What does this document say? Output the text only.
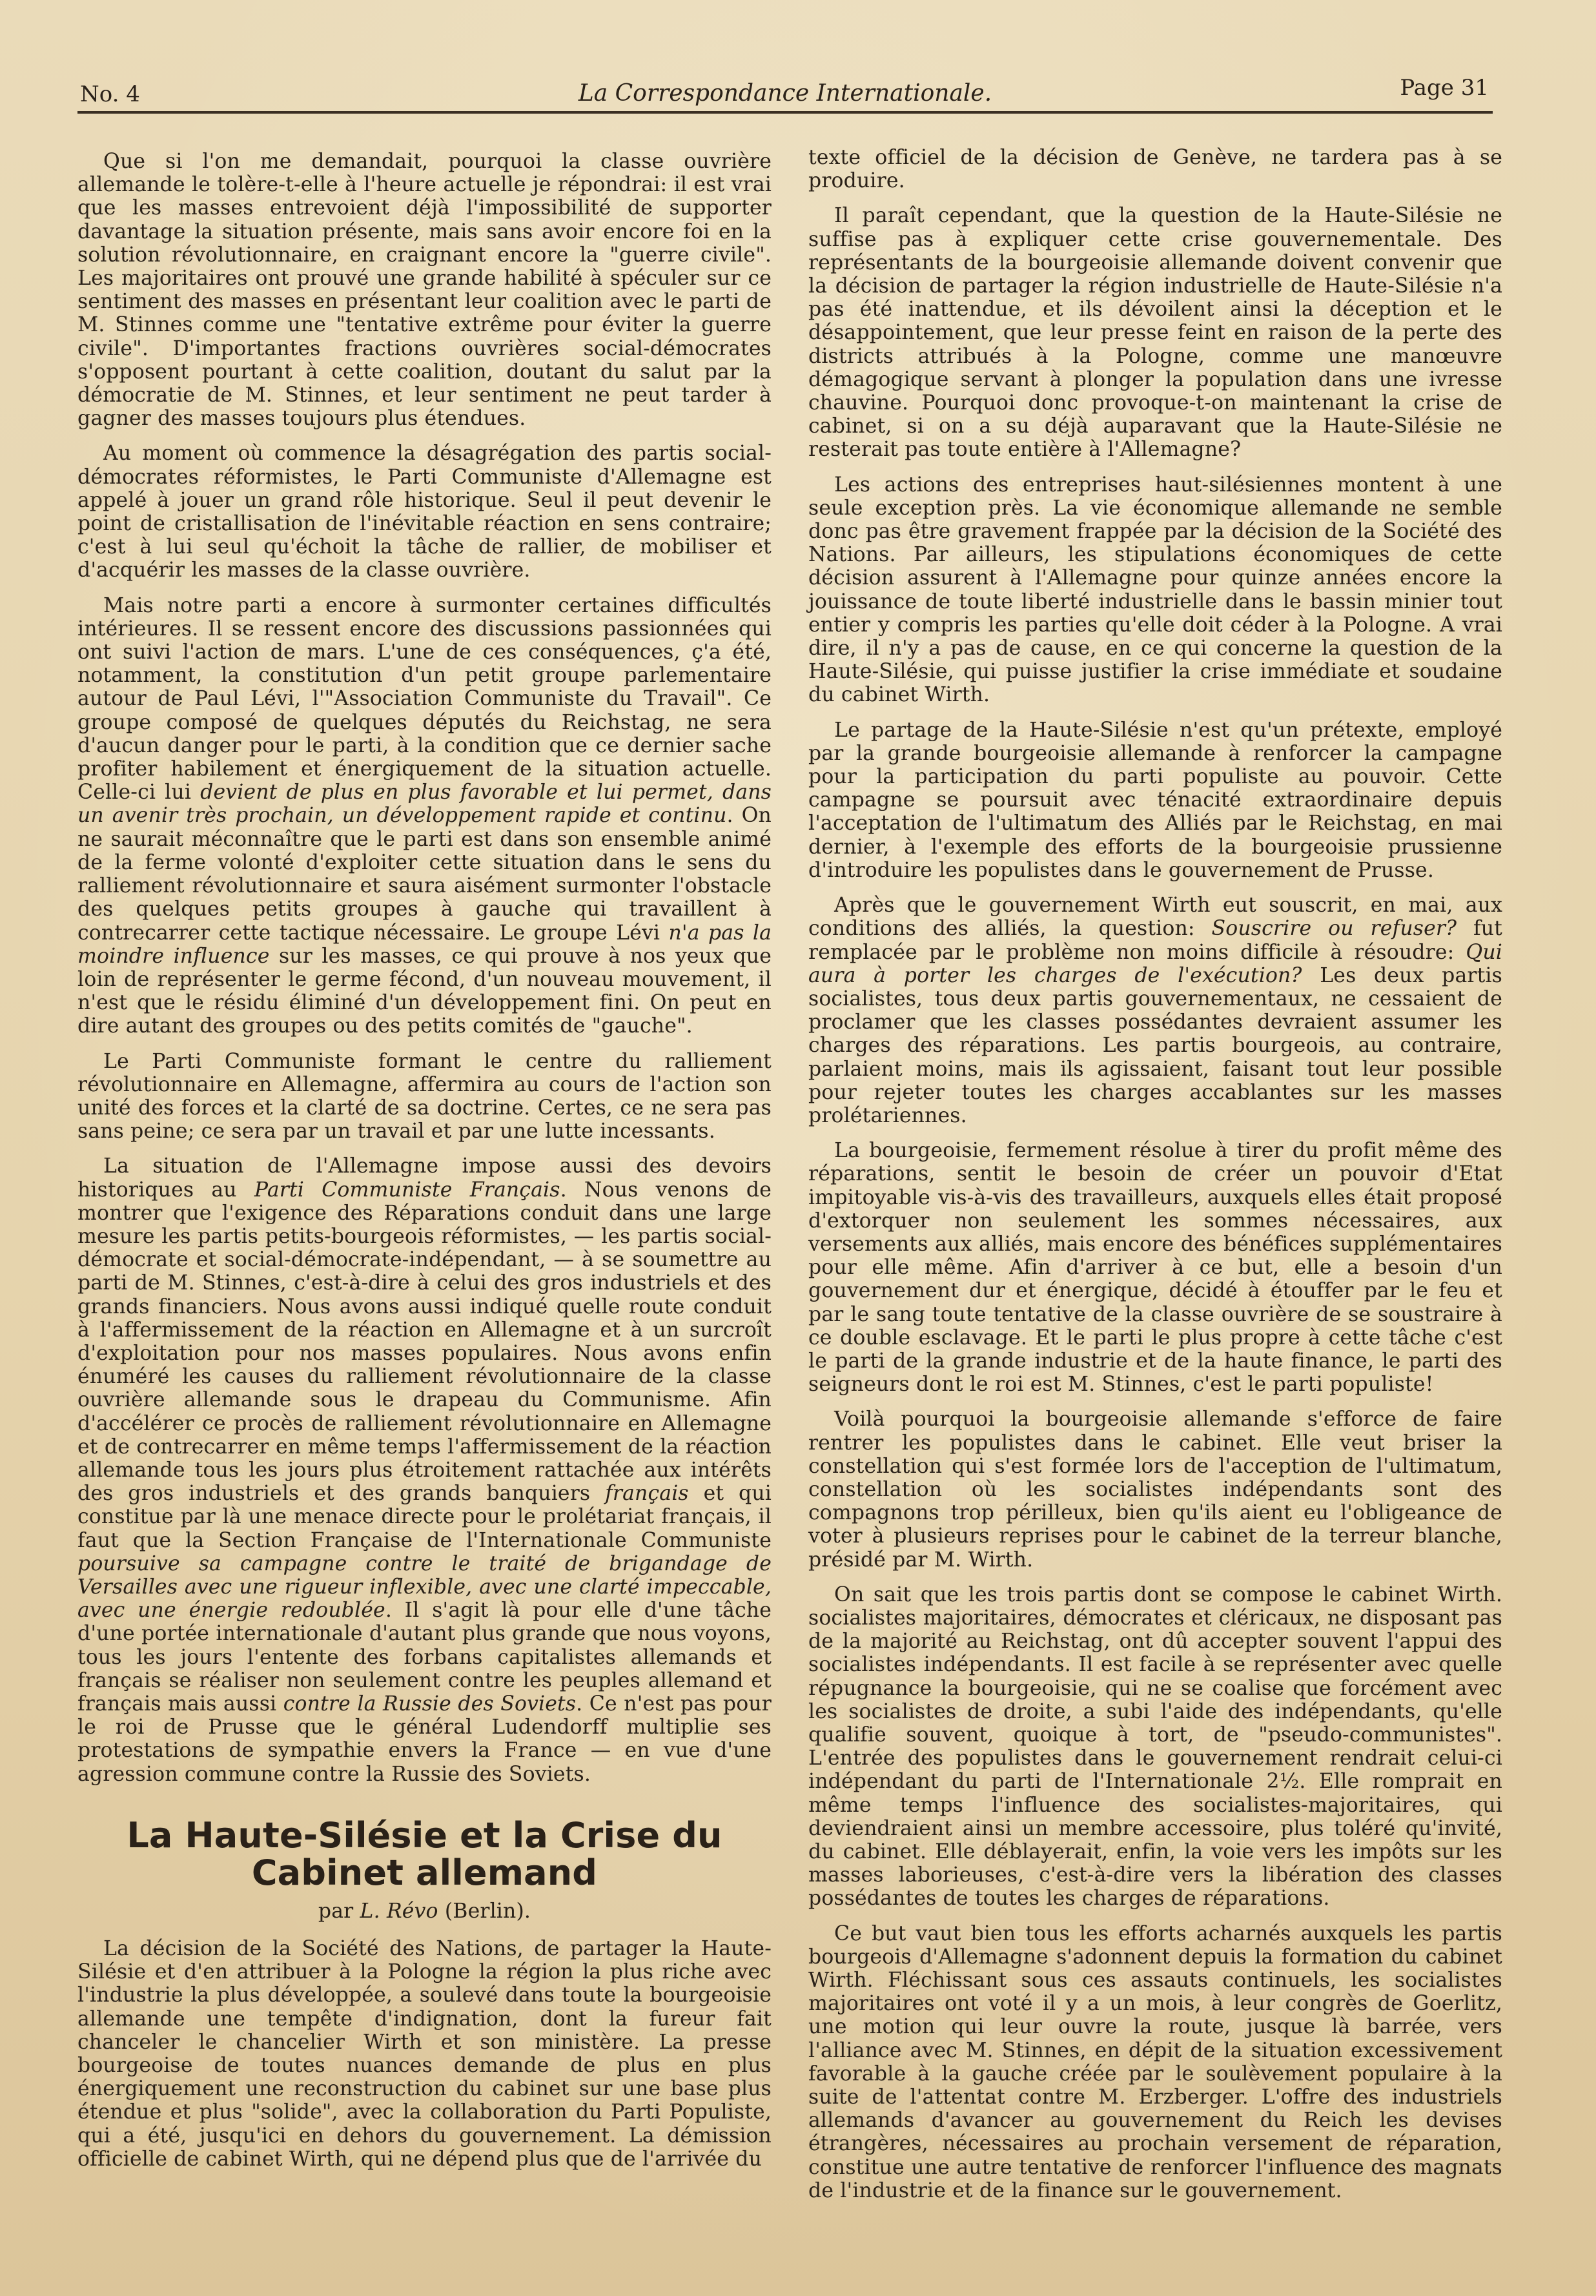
No. 4	La Correspondance Internationale.	Page 31

Que si l'on me demandait, pourquoi la classe ouvrière allemande le tolère-t-elle à l'heure actuelle je répondrai: il est vrai que les masses entrevoient déjà l'impossibilité de supporter davantage la situation présente, mais sans avoir encore foi en la solution révolutionnaire, en craignant encore la "guerre civile". Les majoritaires ont prouvé une grande habilité à spéculer sur ce sentiment des masses en présentant leur coalition avec le parti de M. Stinnes comme une "tentative extrême pour éviter la guerre civile". D'importantes fractions ouvrières social-démocrates s'opposent pourtant à cette coalition, doutant du salut par la démocratie de M. Stinnes, et leur sentiment ne peut tarder à gagner des masses toujours plus étendues.

Au moment où commence la désagrégation des partis social-démocrates réformistes, le Parti Communiste d'Allemagne est appelé à jouer un grand rôle historique. Seul il peut devenir le point de cristallisation de l'inévitable réaction en sens contraire; c'est à lui seul qu'échoit la tâche de rallier, de mobiliser et d'acquérir les masses de la classe ouvrière.

Mais notre parti a encore à surmonter certaines difficultés intérieures. Il se ressent encore des discussions passionnées qui ont suivi l'action de mars. L'une de ces conséquences, ç'a été, notamment, la constitution d'un petit groupe parlementaire autour de Paul Lévi, l'"Association Communiste du Travail". Ce groupe composé de quelques députés du Reichstag, ne sera d'aucun danger pour le parti, à la condition que ce dernier sache profiter habilement et énergiquement de la situation actuelle. Celle-ci lui devient de plus en plus favorable et lui permet, dans un avenir très prochain, un développement rapide et continu. On ne saurait méconnaître que le parti est dans son ensemble animé de la ferme volonté d'exploiter cette situation dans le sens du ralliement révolutionnaire et saura aisément surmonter l'obstacle des quelques petits groupes à gauche qui travaillent à contrecarrer cette tactique nécessaire. Le groupe Lévi n'a pas la moindre influence sur les masses, ce qui prouve à nos yeux que loin de représenter le germe fécond, d'un nouveau mouvement, il n'est que le résidu éliminé d'un développement fini. On peut en dire autant des groupes ou des petits comités de "gauche".

Le Parti Communiste formant le centre du ralliement révolutionnaire en Allemagne, affermira au cours de l'action son unité des forces et la clarté de sa doctrine. Certes, ce ne sera pas sans peine; ce sera par un travail et par une lutte incessants.

La situation de l'Allemagne impose aussi des devoirs historiques au Parti Communiste Français. Nous venons de montrer que l'exigence des Réparations conduit dans une large mesure les partis petits-bourgeois réformistes, — les partis social-démocrate et social-démocrate-indépendant, — à se soumettre au parti de M. Stinnes, c'est-à-dire à celui des gros industriels et des grands financiers. Nous avons aussi indiqué quelle route conduit à l'affermissement de la réaction en Allemagne et à un surcroît d'exploitation pour nos masses populaires. Nous avons enfin énuméré les causes du ralliement révolutionnaire de la classe ouvrière allemande sous le drapeau du Communisme. Afin d'accélérer ce procès de ralliement révolutionnaire en Allemagne et de contrecarrer en même temps l'affermissement de la réaction allemande tous les jours plus étroitement rattachée aux intérêts des gros industriels et des grands banquiers français et qui constitue par là une menace directe pour le prolétariat français, il faut que la Section Française de l'Internationale Communiste poursuive sa campagne contre le traité de brigandage de Versailles avec une rigueur inflexible, avec une clarté impeccable, avec une énergie redoublée. Il s'agit là pour elle d'une tâche d'une portée internationale d'autant plus grande que nous voyons, tous les jours l'entente des forbans capitalistes allemands et français se réaliser non seulement contre les peuples allemand et français mais aussi contre la Russie des Soviets. Ce n'est pas pour le roi de Prusse que le général Ludendorff multiplie ses protestations de sympathie envers la France — en vue d'une agression commune contre la Russie des Soviets.

La Haute-Silésie et la Crise du Cabinet allemand
par L. Révo (Berlin).

La décision de la Société des Nations, de partager la Haute-Silésie et d'en attribuer à la Pologne la région la plus riche avec l'industrie la plus développée, a soulevé dans toute la bourgeoisie allemande une tempête d'indignation, dont la fureur fait chanceler le chancelier Wirth et son ministère. La presse bourgeoise de toutes nuances demande de plus en plus énergiquement une reconstruction du cabinet sur une base plus étendue et plus "solide", avec la collaboration du Parti Populiste, qui a été, jusqu'ici en dehors du gouvernement. La démission officielle de cabinet Wirth, qui ne dépend plus que de l'arrivée du

texte officiel de la décision de Genève, ne tardera pas à se produire.

Il paraît cependant, que la question de la Haute-Silésie ne suffise pas à expliquer cette crise gouvernementale. Des représentants de la bourgeoisie allemande doivent convenir que la décision de partager la région industrielle de Haute-Silésie n'a pas été inattendue, et ils dévoilent ainsi la déception et le désappointement, que leur presse feint en raison de la perte des districts attribués à la Pologne, comme une manœuvre démagogique servant à plonger la population dans une ivresse chauvine. Pourquoi donc provoque-t-on maintenant la crise de cabinet, si on a su déjà auparavant que la Haute-Silésie ne resterait pas toute entière à l'Allemagne?

Les actions des entreprises haut-silésiennes montent à une seule exception près. La vie économique allemande ne semble donc pas être gravement frappée par la décision de la Société des Nations. Par ailleurs, les stipulations économiques de cette décision assurent à l'Allemagne pour quinze années encore la jouissance de toute liberté industrielle dans le bassin minier tout entier y compris les parties qu'elle doit céder à la Pologne. A vrai dire, il n'y a pas de cause, en ce qui concerne la question de la Haute-Silésie, qui puisse justifier la crise immédiate et soudaine du cabinet Wirth.

Le partage de la Haute-Silésie n'est qu'un prétexte, employé par la grande bourgeoisie allemande à renforcer la campagne pour la participation du parti populiste au pouvoir. Cette campagne se poursuit avec ténacité extraordinaire depuis l'acceptation de l'ultimatum des Alliés par le Reichstag, en mai dernier, à l'exemple des efforts de la bourgeoisie prussienne d'introduire les populistes dans le gouvernement de Prusse.

Après que le gouvernement Wirth eut souscrit, en mai, aux conditions des alliés, la question: Souscrire ou refuser? fut remplacée par le problème non moins difficile à résoudre: Qui aura à porter les charges de l'exécution? Les deux partis socialistes, tous deux partis gouvernementaux, ne cessaient de proclamer que les classes possédantes devraient assumer les charges des réparations. Les partis bourgeois, au contraire, parlaient moins, mais ils agissaient, faisant tout leur possible pour rejeter toutes les charges accablantes sur les masses prolétariennes.

La bourgeoisie, fermement résolue à tirer du profit même des réparations, sentit le besoin de créer un pouvoir d'Etat impitoyable vis-à-vis des travailleurs, auxquels elles était proposé d'extorquer non seulement les sommes nécessaires, aux versements aux alliés, mais encore des bénéfices supplémentaires pour elle même. Afin d'arriver à ce but, elle a besoin d'un gouvernement dur et énergique, décidé à étouffer par le feu et par le sang toute tentative de la classe ouvrière de se soustraire à ce double esclavage. Et le parti le plus propre à cette tâche c'est le parti de la grande industrie et de la haute finance, le parti des seigneurs dont le roi est M. Stinnes, c'est le parti populiste!

Voilà pourquoi la bourgeoisie allemande s'efforce de faire rentrer les populistes dans le cabinet. Elle veut briser la constellation qui s'est formée lors de l'acception de l'ultimatum, constellation où les socialistes indépendants sont des compagnons trop périlleux, bien qu'ils aient eu l'obligeance de voter à plusieurs reprises pour le cabinet de la terreur blanche, présidé par M. Wirth.

On sait que les trois partis dont se compose le cabinet Wirth. socialistes majoritaires, démocrates et cléricaux, ne disposant pas de la majorité au Reichstag, ont dû accepter souvent l'appui des socialistes indépendants. Il est facile à se représenter avec quelle répugnance la bourgeoisie, qui ne se coalise que forcément avec les socialistes de droite, a subi l'aide des indépendants, qu'elle qualifie souvent, quoique à tort, de "pseudo-communistes". L'entrée des populistes dans le gouvernement rendrait celui-ci indépendant du parti de l'Internationale 2½. Elle romprait en même temps l'influence des socialistes-majoritaires, qui deviendraient ainsi un membre accessoire, plus toléré qu'invité, du cabinet. Elle déblayerait, enfin, la voie vers les impôts sur les masses laborieuses, c'est-à-dire vers la libération des classes possédantes de toutes les charges de réparations.

Ce but vaut bien tous les efforts acharnés auxquels les partis bourgeois d'Allemagne s'adonnent depuis la formation du cabinet Wirth. Fléchissant sous ces assauts continuels, les socialistes majoritaires ont voté il y a un mois, à leur congrès de Goerlitz, une motion qui leur ouvre la route, jusque là barrée, vers l'alliance avec M. Stinnes, en dépit de la situation excessivement favorable à la gauche créée par le soulèvement populaire à la suite de l'attentat contre M. Erzberger. L'offre des industriels allemands d'avancer au gouvernement du Reich les devises étrangères, nécessaires au prochain versement de réparation, constitue une autre tentative de renforcer l'influence des magnats de l'industrie et de la finance sur le gouvernement.
